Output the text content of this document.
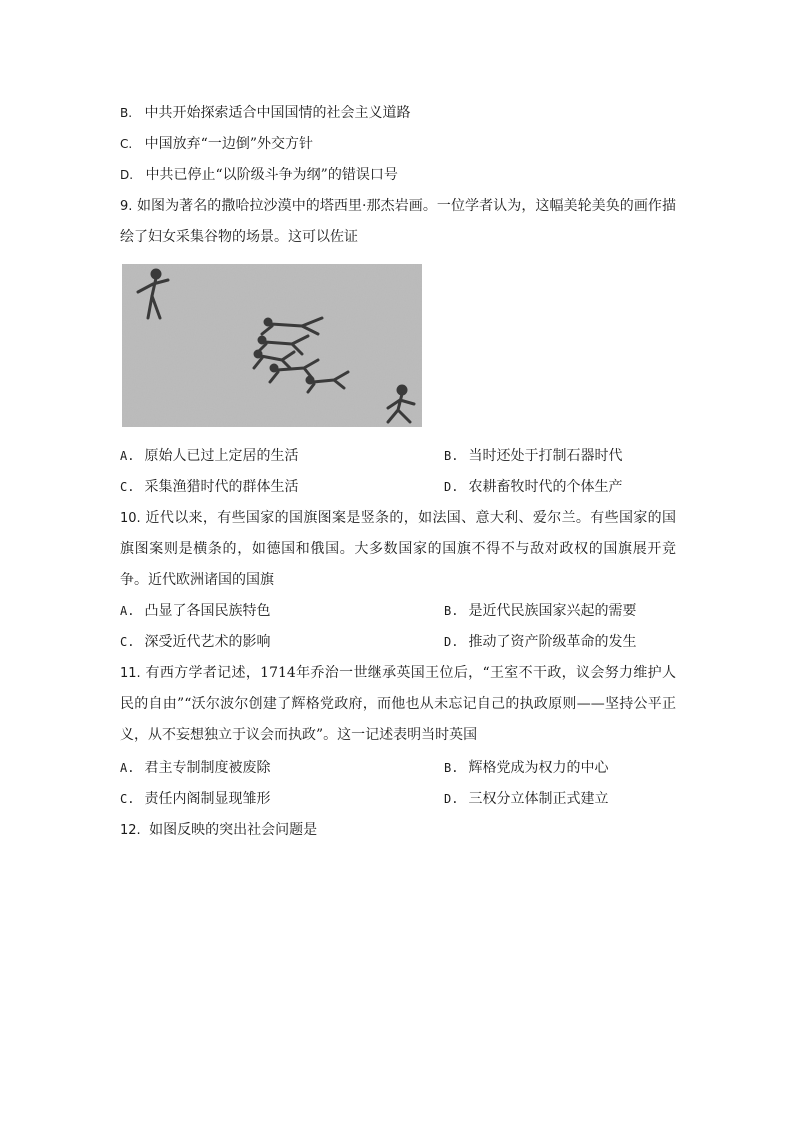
B. 中共开始探索适合中国国情的社会主义道路
C. 中国放弃“一边倒”外交方针
D. 中共已停止“以阶级斗争为纲”的错误口号
9. 如图为著名的撒哈拉沙漠中的塔西里·那杰岩画。一位学者认为，这幅美轮美奂的画作描绘了妇女采集谷物的场景。这可以佐证
A. 原始人已过上定居的生活	B. 当时还处于打制石器时代
C. 采集渔猎时代的群体生活	D. 农耕畜牧时代的个体生产
10. 近代以来，有些国家的国旗图案是竖条的，如法国、意大利、爱尔兰。有些国家的国旗图案则是横条的，如德国和俄国。大多数国家的国旗不得不与敌对政权的国旗展开竞争。近代欧洲诸国的国旗
A. 凸显了各国民族特色	B. 是近代民族国家兴起的需要
C. 深受近代艺术的影响	D. 推动了资产阶级革命的发生
11. 有西方学者记述，1714年乔治一世继承英国王位后，“王室不干政，议会努力维护人民的自由”“沃尔波尔创建了辉格党政府，而他也从未忘记自己的执政原则——坚持公平正义，从不妄想独立于议会而执政”。这一记述表明当时英国
A. 君主专制制度被废除	B. 辉格党成为权力的中心
C. 责任内阁制显现雏形	D. 三权分立体制正式建立
12. 如图反映的突出社会问题是
